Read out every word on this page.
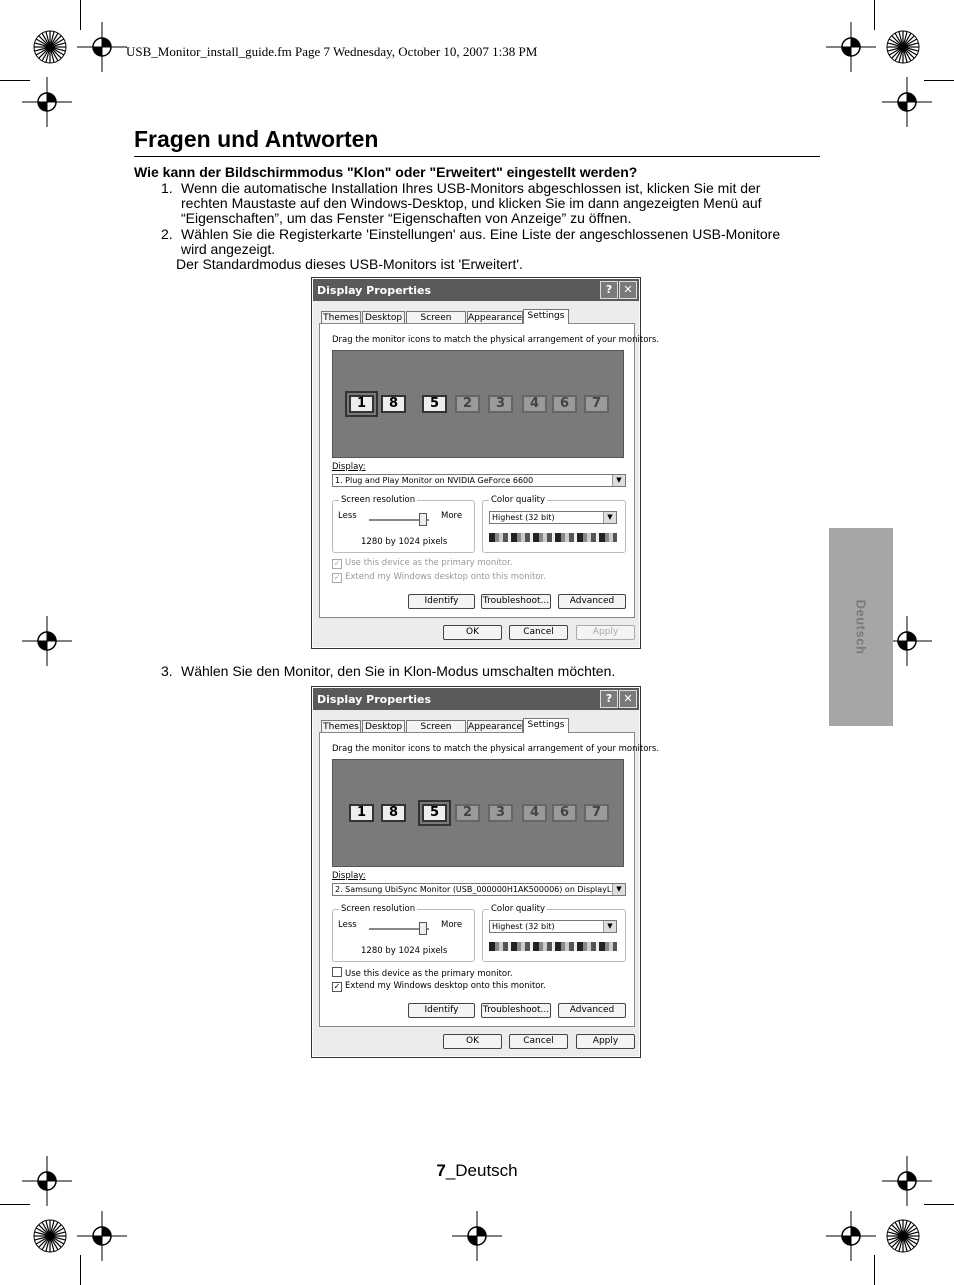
USB_Monitor_install_guide.fm Page 7 Wednesday, October 10, 2007 1:38 PM
Fragen und Antworten
Wie kann der Bildschirmmodus "Klon" oder "Erweitert" eingestellt werden?
1. Wenn die automatische Installation Ihres USB-Monitors abgeschlossen ist, klicken Sie mit der
rechten Maustaste auf den Windows-Desktop, und klicken Sie im dann angezeigten Menü auf
“Eigenschaften”, um das Fenster “Eigenschaften von Anzeige” zu öffnen.
2. Wählen Sie die Registerkarte 'Einstellungen' aus. Eine Liste der angeschlossenen USB-Monitore
wird angezeigt.
Der Standardmodus dieses USB-Monitors ist 'Erweitert'.
3. Wählen Sie den Monitor, den Sie in Klon-Modus umschalten möchten.
Deutsch
7_Deutsch
Display Properties	?	✕
Themes Desktop	Screen	Appearance Settings
Drag the monitor icons to match the physical arrangement of your monitors.
1	8	5	2	3	4	6	7
Display:
1. Plug and Play Monitor on NVIDIA GeForce 6600	▼
Screen resolution
Less	More
1280 by 1024 pixels
Color quality
Highest (32 bit)	▼
✓ Use this device as the primary monitor.
✓ Extend my Windows desktop onto this monitor.
Identify	Troubleshoot...	Advanced
OK	Cancel	Apply
Display Properties	?	✕
Themes Desktop	Screen	Appearance Settings
Drag the monitor icons to match the physical arrangement of your monitors.
1	8	5	2	3	4	6	7
Display:
2. Samsung UbiSync Monitor (USB_000000H1AK500006) on DisplayL ▼
Screen resolution
Less	More
1280 by 1024 pixels
Color quality
Highest (32 bit)	▼
Use this device as the primary monitor.
✓ Extend my Windows desktop onto this monitor.
Identify	Troubleshoot...	Advanced
OK	Cancel	Apply
